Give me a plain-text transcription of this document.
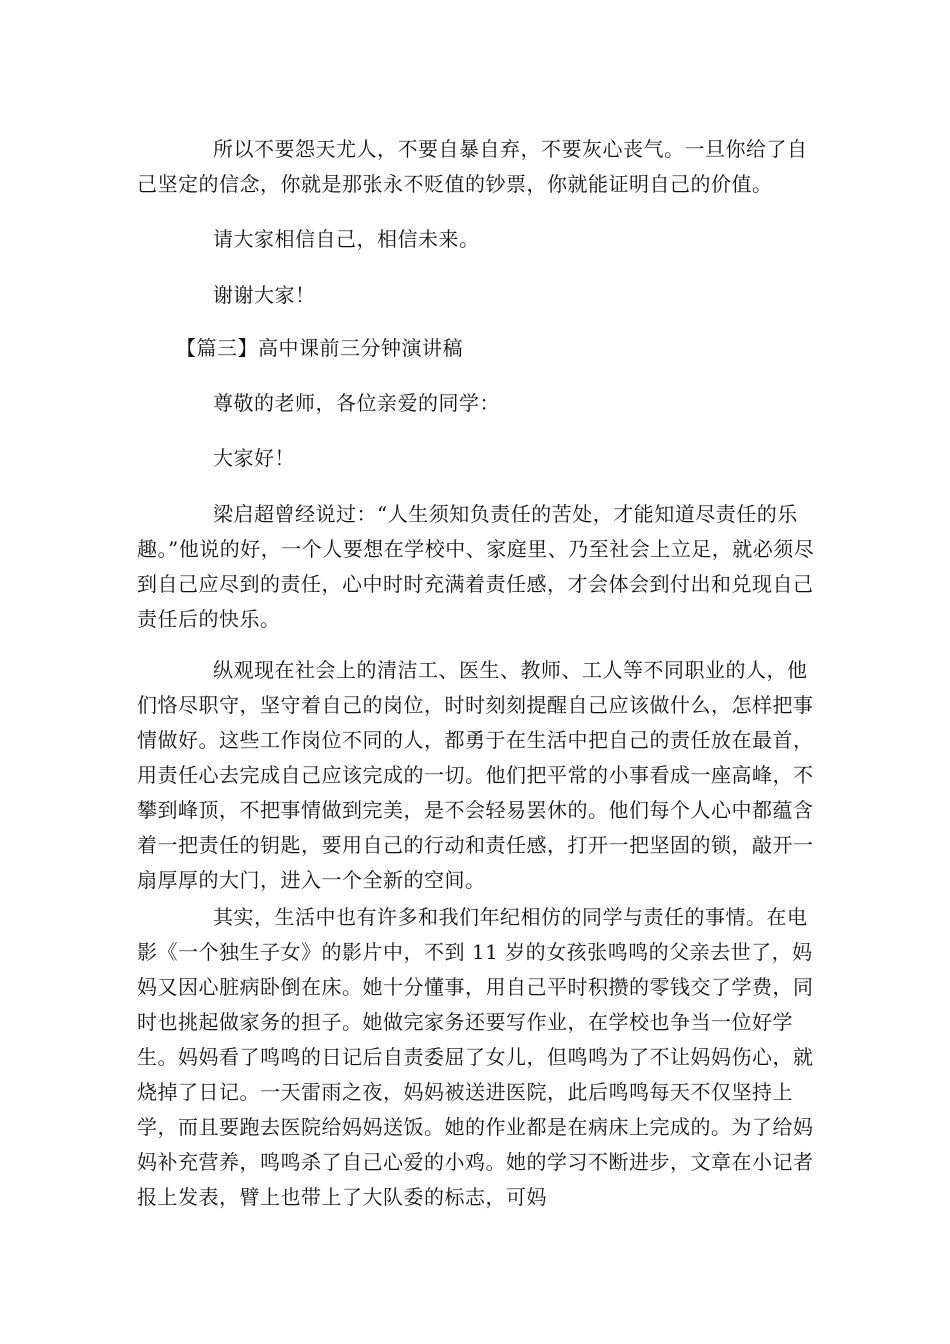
所以不要怨天尤人，不要自暴自弃，不要灰心丧气。一旦你给了自己坚定的信念，你就是那张永不贬值的钞票，你就能证明自己的价值。

请大家相信自己，相信未来。

谢谢大家！

【篇三】高中课前三分钟演讲稿

尊敬的老师，各位亲爱的同学：

大家好！

梁启超曾经说过：“人生须知负责任的苦处，才能知道尽责任的乐趣。”他说的好，一个人要想在学校中、家庭里、乃至社会上立足，就必须尽到自己应尽到的责任，心中时时充满着责任感，才会体会到付出和兑现自己责任后的快乐。

纵观现在社会上的清洁工、医生、教师、工人等不同职业的人，他们恪尽职守，坚守着自己的岗位，时时刻刻提醒自己应该做什么，怎样把事情做好。这些工作岗位不同的人，都勇于在生活中把自己的责任放在最首，用责任心去完成自己应该完成的一切。他们把平常的小事看成一座高峰，不攀到峰顶，不把事情做到完美，是不会轻易罢休的。他们每个人心中都蕴含着一把责任的钥匙，要用自己的行动和责任感，打开一把坚固的锁，敲开一扇厚厚的大门，进入一个全新的空间。

其实，生活中也有许多和我们年纪相仿的同学与责任的事情。在电影《一个独生子女》的影片中，不到 11 岁的女孩张鸣鸣的父亲去世了，妈妈又因心脏病卧倒在床。她十分懂事，用自己平时积攒的零钱交了学费，同时也挑起做家务的担子。她做完家务还要写作业，在学校也争当一位好学生。妈妈看了鸣鸣的日记后自责委屈了女儿，但鸣鸣为了不让妈妈伤心，就烧掉了日记。一天雷雨之夜，妈妈被送进医院，此后鸣鸣每天不仅坚持上学，而且要跑去医院给妈妈送饭。她的作业都是在病床上完成的。为了给妈妈补充营养，鸣鸣杀了自己心爱的小鸡。她的学习不断进步，文章在小记者报上发表，臂上也带上了大队委的标志，可妈
